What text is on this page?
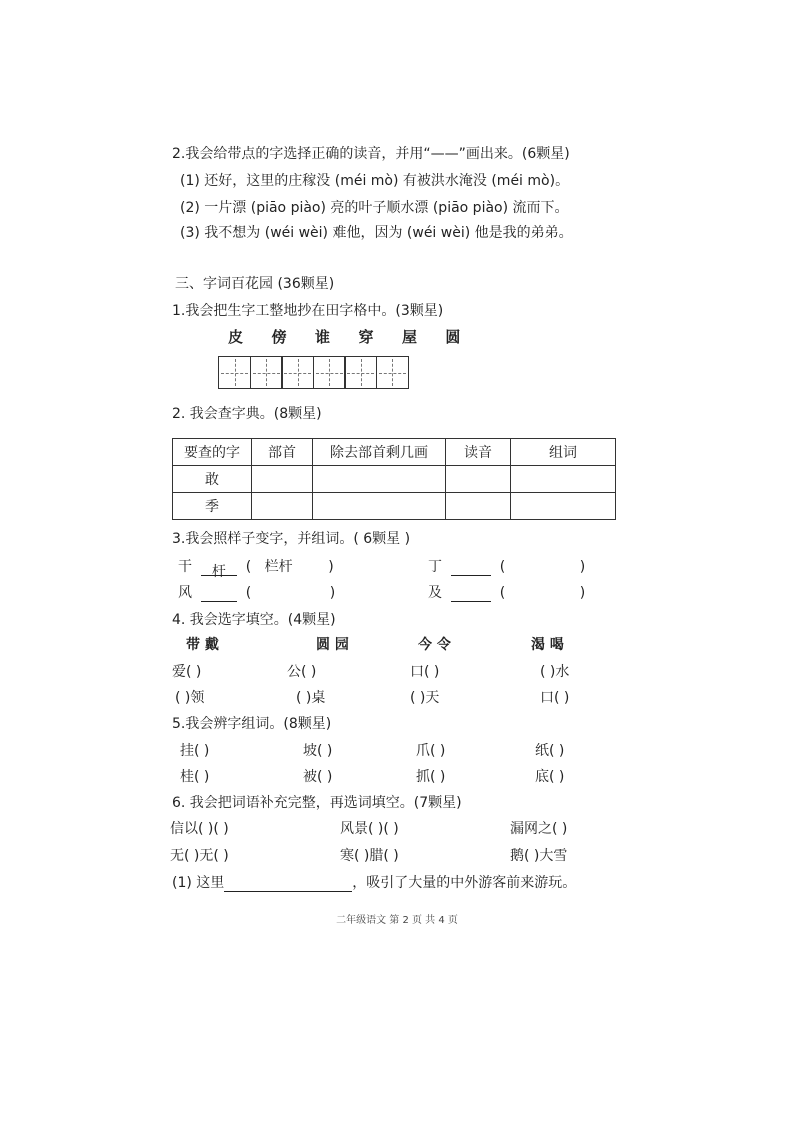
2.我会给带点的字选择正确的读音，并用“——”画出来。(6颗星)
(1) 还好，这里的庄稼没 (méi mò) 有被洪水淹没 (méi mò)。
(2) 一片漂 (piāo piào) 亮的叶子顺水漂 (piāo piào) 流而下。
(3) 我不想为 (wéi wèi) 难他，因为 (wéi wèi) 他是我的弟弟。
三、字词百花园 (36颗星)
1.我会把生字工整地抄在田字格中。(3颗星)
皮 傍 谁 穿 屋 圆
2. 我会查字典。(8颗星)
要查的字	部首	除去部首剩几画	读音	组词
敢				
季				
3.我会照样子变字，并组词。( 6颗星 )
干 杆  (   栏杆        )	丁	(	)
风	(	)	及	(	)
4. 我会选字填空。(4颗星)
带 戴	圆 园	今 令	渴 喝
爱( )	公( )	口( )	( )水
( )领	( )桌	( )天	口( )
5.我会辨字组词。(8颗星)
挂( )	坡( )	爪( )	纸( )
桂( )	被( )	抓( )	底( )
6. 我会把词语补充完整，再选词填空。(7颗星)
信以( )( )	风景( )( )	漏网之( )
无( )无( )	寒( )腊( )	鹅( )大雪
(1) 这里	，吸引了大量的中外游客前来游玩。
二年级语文 第 2 页 共 4 页
